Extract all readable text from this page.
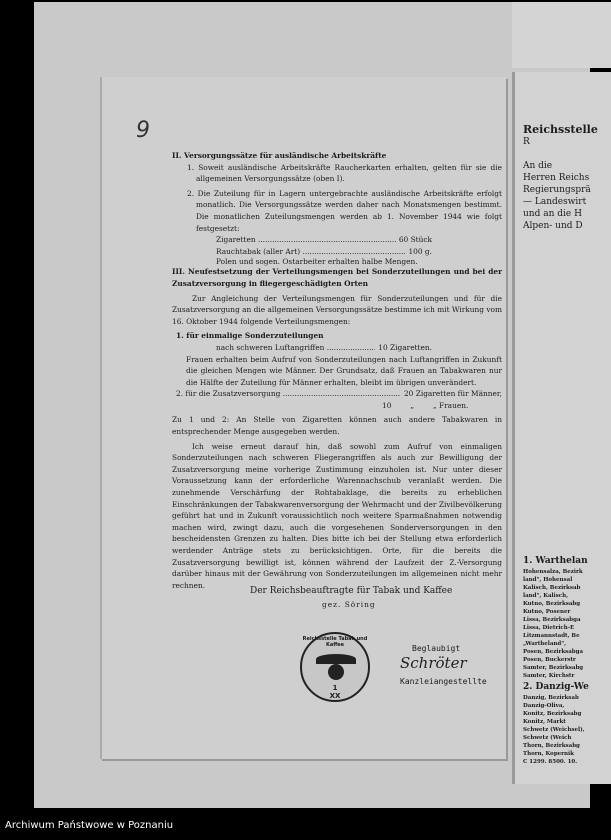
Reichsstelle
R

An die
Herren Reichs
Regierungsprä
— Landeswirt
und an die H
Alpen- und D
1. Warthelan
Hohensalza, Bezirk
land", Hohensal
Kalisch, Bezirksab
land", Kalisch,
Kutno, Bezirksabg
Kutno, Posener
Lissa, Bezirksabga
Lissa, Dietrich-E
Litzmannstadt, Be
„Wartheland",
Posen, Bezirksabga
Posen, Buckerstr
Samter, Bezirksabg
Samter, Kirchstr
2. Danzig-We
Danzig, Bezirksab
Danzig-Oliva,
Konitz, Bezirksabg
Konitz, Markt
Schwetz (Weichsel),
Schwetz (Weich
Thorn, Bezirksabg
Thorn, Kopernik
C 1299. 8500. 10.
9

II. Versorgungssätze für ausländische Arbeitskräfte

1. Soweit ausländische Arbeitskräfte Raucherkarten erhalten, gelten für sie die allgemeinen Versorgungssätze (oben I).

2. Die Zuteilung für in Lagern untergebrachte ausländische Arbeitskräfte erfolgt monatlich. Die Versorgungssätze werden daher nach Monatsmengen bestimmt. Die monatlichen Zuteilungsmengen werden ab 1. November 1944 wie folgt festgesetzt:

Zigaretten .....	60 Stück
Rauchtabak (aller Art) .....	100 g.

Polen und sogen. Ostarbeiter erhalten halbe Mengen.

III. Neufestsetzung der Verteilungsmengen bei Sonderzuteilungen und bei der Zusatzversorgung in fliegergeschädigten Orten

Zur Angleichung der Verteilungsmengen für Sonderzuteilungen und für die Zusatzversorgung an die allgemeinen Versorgungssätze bestimme ich mit Wirkung vom 16. Oktober 1944 folgende Verteilungsmengen:

1. für einmalige Sonderzuteilungen

nach schweren Luftangriffen .....	10 Zigaretten.

Frauen erhalten beim Aufruf von Sonderzuteilungen nach Luftangriffen in Zukunft die gleichen Mengen wie Männer. Der Grundsatz, daß Frauen an Tabakwaren nur die Hälfte der Zuteilung für Männer erhalten, bleibt im übrigen unverändert.

2. für die Zusatzversorgung .....	20 Zigaretten für Männer,

10        „        „ Frauen.

Zu 1 und 2: An Stelle von Zigaretten können auch andere Tabakwaren in entsprechender Menge ausgegeben werden.

Ich weise erneut darauf hin, daß sowohl zum Aufruf von einmaligen Sonderzuteilungen nach schweren Fliegerangriffen als auch zur Bewilligung der Zusatzversorgung meine vorherige Zustimmung einzuholen ist. Nur unter dieser Voraussetzung kann der erforderliche Warennachschub veranlaßt werden. Die zunehmende Verschärfung der Rohtabaklage, die bereits zu erheblichen Einschränkungen der Tabakwarenversorgung der Wehrmacht und der Zivilbevölkerung geführt hat und in Zukunft voraussichtlich noch weitere Sparmaßnahmen notwendig machen wird, zwingt dazu, auch die vorgesehenen Sonderversorgungen in den bescheidensten Grenzen zu halten. Dies bitte ich bei der Stellung etwa erforderlich werdender Anträge stets zu berücksichtigen. Orte, für die bereits die Zusatzversorgung bewilligt ist, können während der Laufzeit der Z.-Versorgung darüber hinaus mit der Gewährung von Sonderzuteilungen im allgemeinen nicht mehr rechnen.

Der Reichsbeauftragte für Tabak und Kaffee
gez. Söring
Reichsstelle Tabak und Kaffee
1
XX
Beglaubigt
Schröter
Kanzleiangestellte
Archiwum Państwowe w Poznaniu
